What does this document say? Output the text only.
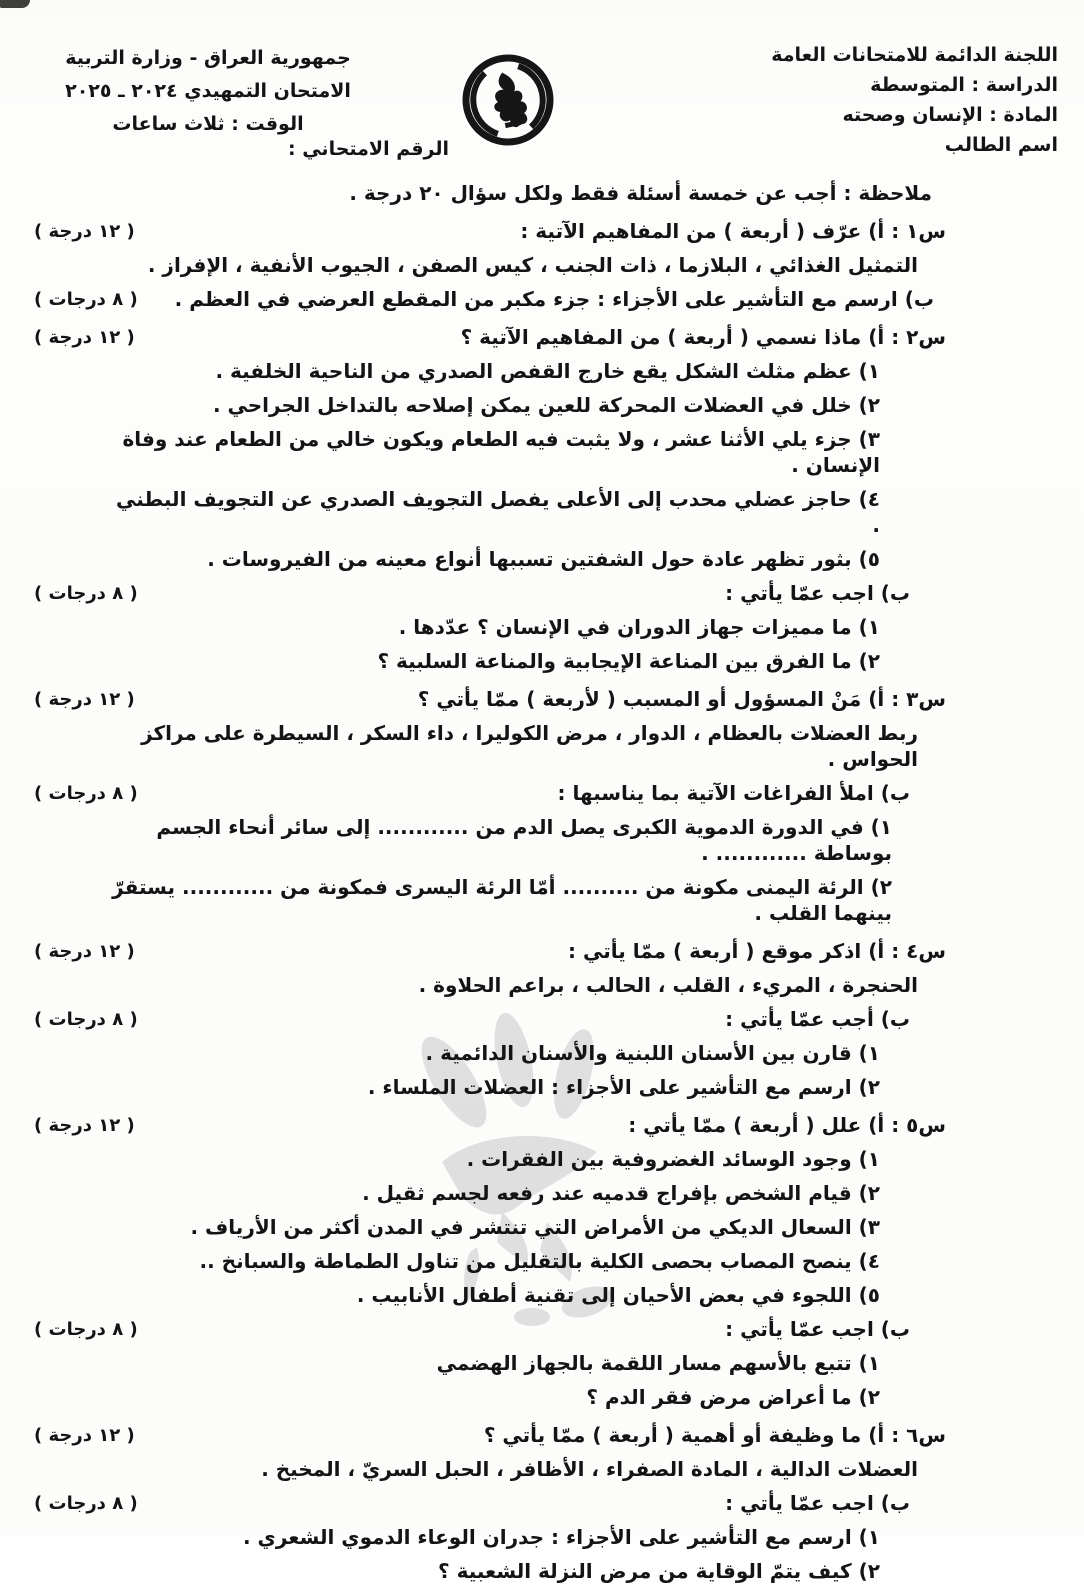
اللجنة الدائمة للامتحانات العامة
الدراسة : المتوسطة
المادة : الإنسان وصحته
اسم الطالب
جمهورية العراق - وزارة التربية
الامتحان التمهيدي ٢٠٢٤ ـ ٢٠٢٥
الوقت : ثلاث ساعات
الرقم الامتحاني :
ملاحظة : أجب عن خمسة أسئلة فقط ولكل سؤال ٢٠ درجة .
( ١٢ درجة )	س١ : أ) عرّف ( أربعة ) من المفاهيم الآتية :
التمثيل الغذائي ، البلازما ، ذات الجنب ، كيس الصفن ، الجيوب الأنفية ، الإفراز .
( ٨ درجات )	ب) ارسم مع التأشير على الأجزاء : جزء مكبر من المقطع العرضي في العظم .
( ١٢ درجة )	س٢ : أ) ماذا نسمي ( أربعة ) من المفاهيم الآتية ؟
١) عظم مثلث الشكل يقع خارج القفص الصدري من الناحية الخلفية .
٢) خلل في العضلات المحركة للعين يمكن إصلاحه بالتداخل الجراحي .
٣) جزء يلي الأثنا عشر ، ولا يثبت فيه الطعام ويكون خالي من الطعام عند وفاة الإنسان .
٤) حاجز عضلي محدب إلى الأعلى يفصل التجويف الصدري عن التجويف البطني .
٥) بثور تظهر عادة حول الشفتين تسببها أنواع معينه من الفيروسات .
( ٨ درجات )	ب) اجب عمّا يأتي :
١) ما مميزات جهاز الدوران في الإنسان ؟ عدّدها .
٢) ما الفرق بين المناعة الإيجابية والمناعة السلبية ؟
( ١٢ درجة )	س٣ : أ) مَنْ المسؤول أو المسبب ( لأربعة ) ممّا يأتي ؟
ربط العضلات بالعظام ، الدوار ، مرض الكوليرا ، داء السكر ، السيطرة على مراكز الحواس .
( ٨ درجات )	ب) املأ الفراغات الآتية بما يناسبها :
١) في الدورة الدموية الكبرى يصل الدم من ............ إلى سائر أنحاء الجسم بوساطة ............ .
٢) الرئة اليمنى مكونة من .......... أمّا الرئة اليسرى فمكونة من ............ يستقرّ بينهما القلب .
( ١٢ درجة )	س٤ : أ) اذكر موقع ( أربعة ) ممّا يأتي :
الحنجرة ، المريء ، القلب ، الحالب ، براعم الحلاوة .
( ٨ درجات )	ب) أجب عمّا يأتي :
١) قارن بين الأسنان اللبنية والأسنان الدائمية .
٢) ارسم مع التأشير على الأجزاء : العضلات الملساء .
( ١٢ درجة )	س٥ : أ) علل ( أربعة ) ممّا يأتي :
١) وجود الوسائد الغضروفية بين الفقرات .
٢) قيام الشخص بإفراج قدميه عند رفعه لجسم ثقيل .
٣) السعال الديكي من الأمراض التي تنتشر في المدن أكثر من الأرياف .
٤) ينصح المصاب بحصى الكلية بالتقليل من تناول الطماطة والسبانخ ..
٥) اللجوء في بعض الأحيان إلى تقنية أطفال الأنابيب .
( ٨ درجات )	ب) اجب عمّا يأتي :
١) تتبع بالأسهم مسار اللقمة بالجهاز الهضمي
٢) ما أعراض مرض فقر الدم ؟
( ١٢ درجة )	س٦ : أ) ما وظيفة أو أهمية ( أربعة ) ممّا يأتي ؟
العضلات الدالية ، المادة الصفراء ، الأظافر ، الحبل السريّ ، المخيخ .
( ٨ درجات )	ب) اجب عمّا يأتي :
١) ارسم مع التأشير على الأجزاء : جدران الوعاء الدموي الشعري .
٢) كيف يتمّ الوقاية من مرض النزلة الشعبية ؟
